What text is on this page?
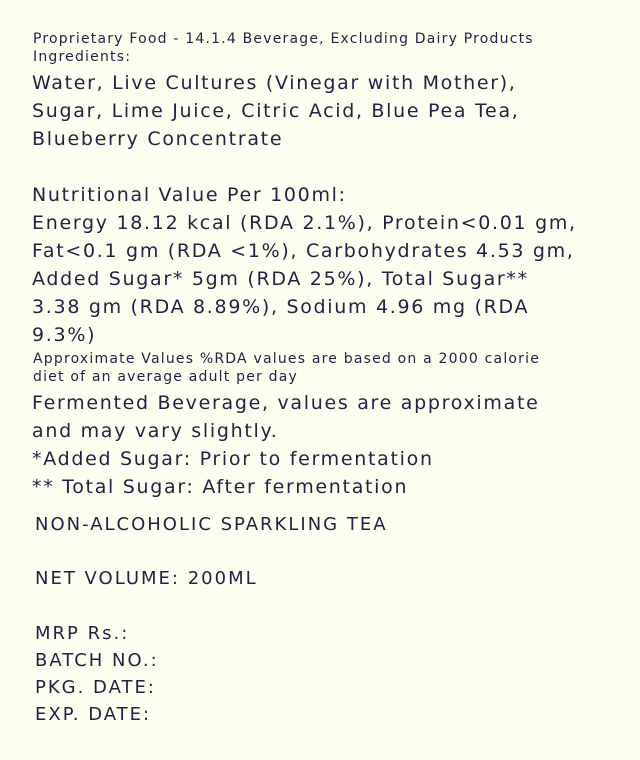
Proprietary Food - 14.1.4 Beverage, Excluding Dairy Products
Ingredients:
Water, Live Cultures (Vinegar with Mother),
Sugar, Lime Juice, Citric Acid, Blue Pea Tea,
Blueberry Concentrate
Nutritional Value Per 100ml:
Energy 18.12 kcal (RDA 2.1%), Protein<0.01 gm,
Fat<0.1 gm (RDA <1%), Carbohydrates 4.53 gm,
Added Sugar* 5gm (RDA 25%), Total Sugar**
3.38 gm (RDA 8.89%), Sodium 4.96 mg (RDA
9.3%)
Approximate Values %RDA values are based on a 2000 calorie
diet of an average adult per day
Fermented Beverage, values are approximate
and may vary slightly.
*Added Sugar: Prior to fermentation
** Total Sugar: After fermentation
NON-ALCOHOLIC SPARKLING TEA
NET VOLUME: 200ML
MRP Rs.:
BATCH NO.:
PKG. DATE:
EXP. DATE:
